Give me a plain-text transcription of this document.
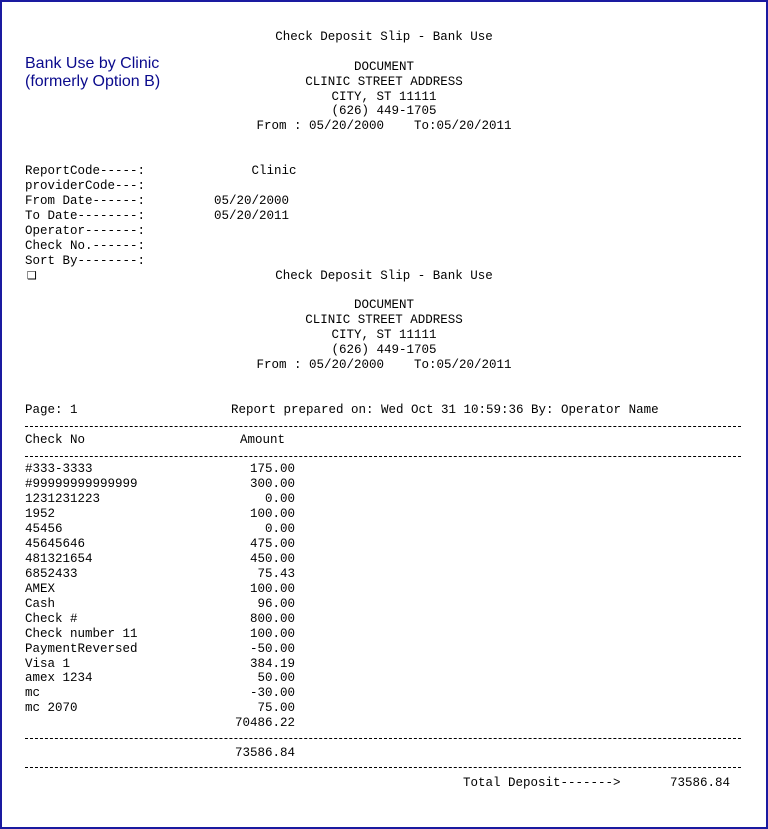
Bank Use by Clinic
(formerly Option B)
Check Deposit Slip - Bank Use
DOCUMENT
CLINIC STREET ADDRESS
CITY, ST 11111
(626) 449-1705
From : 05/20/2000    To:05/20/2011
ReportCode-----:	Clinic
providerCode---:
From Date------:	05/20/2000
To Date--------:	05/20/2011
Operator-------:
Check No.------:
Sort By--------:
❑	Check Deposit Slip - Bank Use
DOCUMENT
CLINIC STREET ADDRESS
CITY, ST 11111
(626) 449-1705
From : 05/20/2000    To:05/20/2011
Page: 1	Report prepared on: Wed Oct 31 10:59:36 By: Operator Name
Check No	Amount
#333-3333	175.00
#99999999999999	300.00
1231231223	0.00
1952	100.00
45456	0.00
45645646	475.00
481321654	450.00
6852433	75.43
AMEX	100.00
Cash	96.00
Check #	800.00
Check number 11	100.00
PaymentReversed	-50.00
Visa 1	384.19
amex 1234	50.00
mc	-30.00
mc 2070	75.00
70486.22
73586.84
Total Deposit------->	73586.84
